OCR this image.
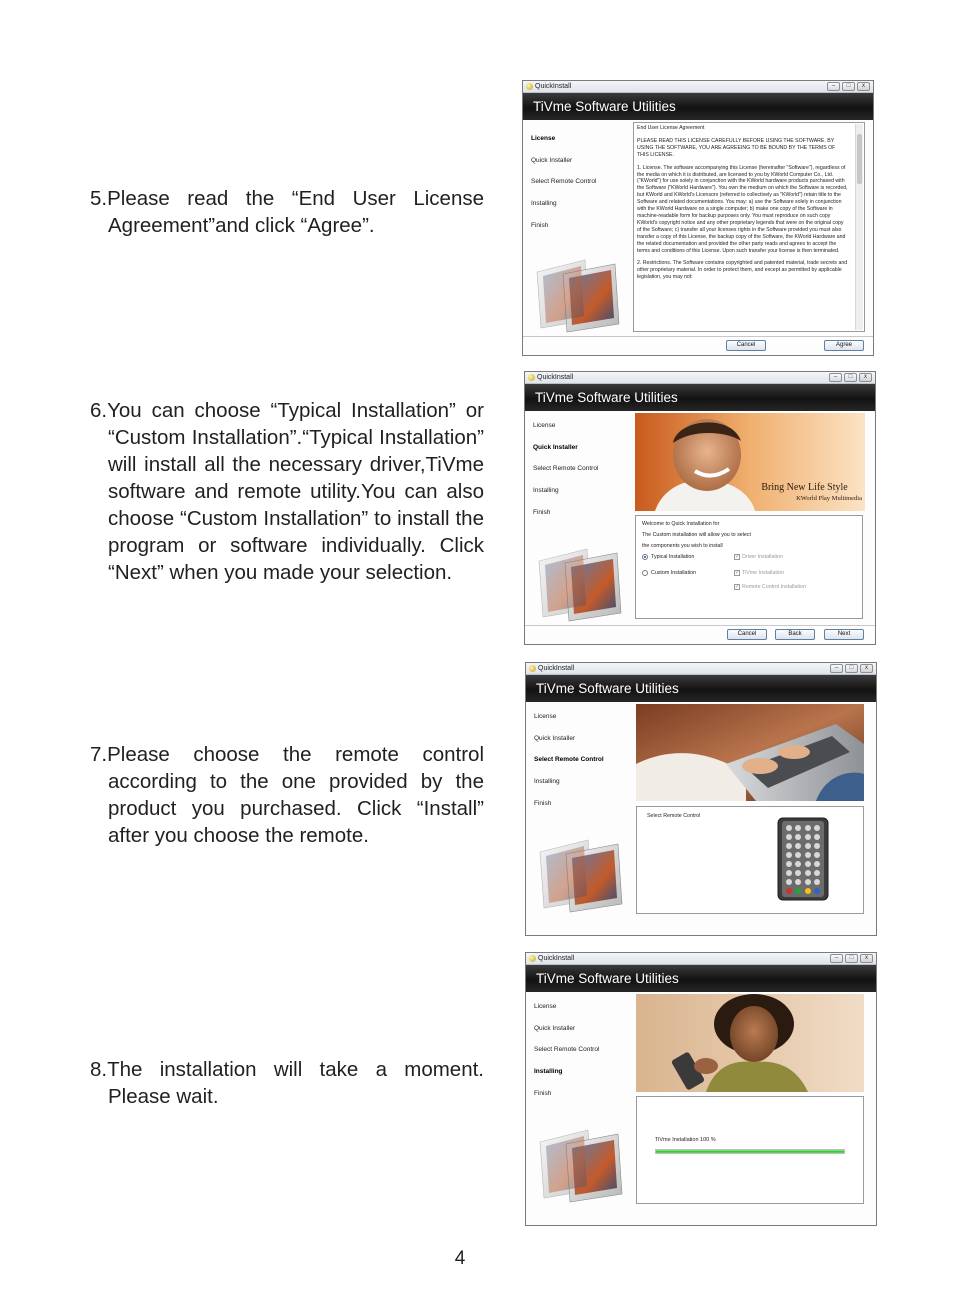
5.Please read the “End User License Agreement”and click “Agree”.
6.You can choose “Typical Installation” or “Custom Installation”.“Typical Installation” will install all the necessary driver,TiVme software and remote utility.You can also choose “Custom Installation” to install the program or software individually. Click “Next” when you made your selection.
7.Please choose the remote control according to the one provided by the product you purchased. Click “Install” after you choose the remote.
8.The installation will take a moment. Please wait.
QuickInstall	–	□	x
TiVme Software Utilities
License
Quick Installer
Select Remote Control
Installing
Finish

End User License Agreement

PLEASE READ THIS LICENSE CAREFULLY BEFORE USING THE SOFTWARE. BY USING THE SOFTWARE, YOU ARE AGREEING TO BE BOUND BY THE TERMS OF THIS LICENSE.

1. License. The software accompanying this License (hereinafter "Software"), regardless of the media on which it is distributed, are licensed to you by KWorld Computer Co., Ltd. ("KWorld") for use solely in conjunction with the KWorld hardware products purchased with the Software ("KWorld Hardware"). You own the medium on which the Software is recorded, but KWorld and KWorld's Licensors (referred to collectively as "KWorld") retain title to the Software and related documentations. You may: a) use the Software solely in conjunction with the KWorld Hardware on a single computer; b) make one copy of the Software in machine-readable form for backup purposes only. You must reproduce on such copy KWorld's copyright notice and any other proprietary legends that were on the original copy of the Software; c) transfer all your licenses rights in the Software provided you must also transfer a copy of this License, the backup copy of the Software, the KWorld Hardware and the related documentation and provided the other party reads and agrees to accept the terms and conditions of this License. Upon such transfer your license is then terminated.

2. Restrictions. The Software contains copyrighted and patented material, trade secrets and other proprietary material. In order to protect them, and except as permitted by applicable legislation, you may not:

Cancel	Agree
QuickInstall	–	□	x
TiVme Software Utilities
License
Quick Installer
Select Remote Control
Installing
Finish
Bring New Life Style
KWorld Play Multimedia
Welcome to Quick Installation for
The Custom installation will allow you to select
the components you wish to install
Typical Installation	✓ Driver Installation
Custom Installation	✓ TiVme Installation
✓ Remote Control Installation
Cancel	Back	Next
QuickInstall	–	□	x
TiVme Software Utilities
License
Quick Installer
Select Remote Control
Installing
Finish
Select Remote Control
QuickInstall	–	□	x
TiVme Software Utilities
License
Quick Installer
Select Remote Control
Installing
Finish
TiVme Installation 100 %
4
